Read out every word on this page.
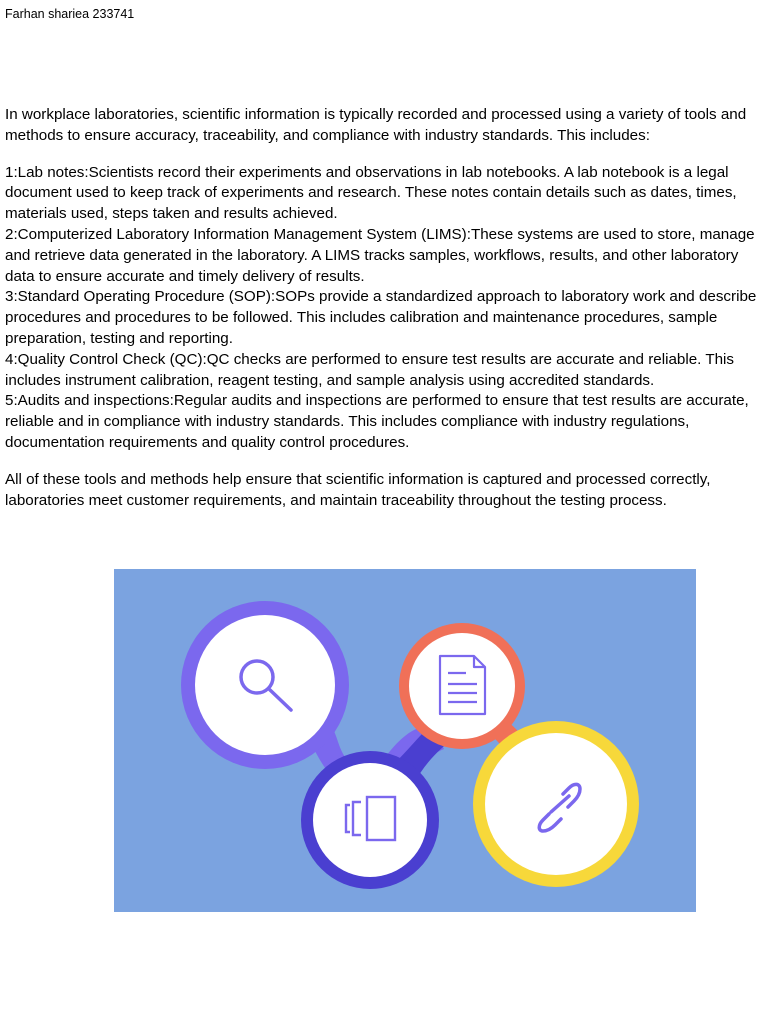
Farhan shariea 233741

In workplace laboratories, scientific information is typically recorded and processed using a variety of tools and methods to ensure accuracy, traceability, and compliance with industry standards. This includes:

1:Lab notes:Scientists record their experiments and observations in lab notebooks. A lab notebook is a legal document used to keep track of experiments and research. These notes contain details such as dates, times, materials used, steps taken and results achieved.

2:Computerized Laboratory Information Management System (LIMS):These systems are used to store, manage and retrieve data generated in the laboratory. A LIMS tracks samples, workflows, results, and other laboratory data to ensure accurate and timely delivery of results.

3:Standard Operating Procedure (SOP):SOPs provide a standardized approach to laboratory work and describe procedures and procedures to be followed. This includes calibration and maintenance procedures, sample preparation, testing and reporting.

4:Quality Control Check (QC):QC checks are performed to ensure test results are accurate and reliable. This includes instrument calibration, reagent testing, and sample analysis using accredited standards.

5:Audits and inspections:Regular audits and inspections are performed to ensure that test results are accurate, reliable and in compliance with industry standards. This includes compliance with industry regulations, documentation requirements and quality control procedures.

All of these tools and methods help ensure that scientific information is captured and processed correctly, laboratories meet customer requirements, and maintain traceability throughout the testing process.
